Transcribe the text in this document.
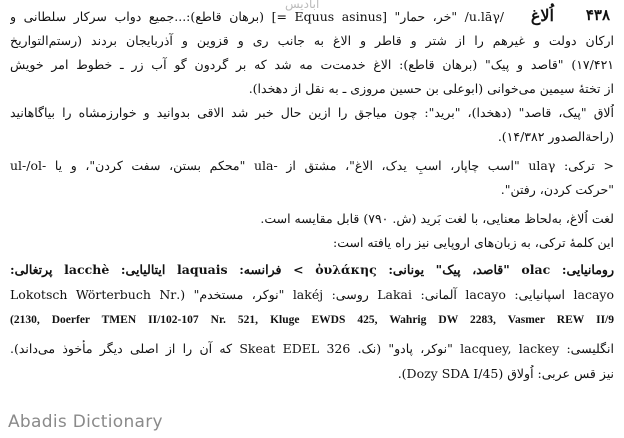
۴۳۸
اُلاغ
ابادیس
/u.lāγ/ "خر، حمار" [Equus asinus =] (برهان قاطع):...جمیع دواب سرکار سلطانی و
ارکان دولت و غیرهم را از شتر و قاطر و الاغ به جانب ری و قزوین و آذربایجان بردند (رستم‌التواریخ
۱۷/۴۲۱) "قاصد و پیک" (برهان قاطع): الاغ خدمت‌ت مه شد که بر گردون گو آب زر ـ خطوط امر خویش
از تختهٔ سیمین می‌خوانی (ابوعلی بن حسین مروزی ـ به نقل از دهخدا).
اُلاق "پیک، قاصد" (دهخدا)، "برید": چون میاجق را ازین حال خبر شد الاقی بدوانید و خوارزمشاه را بیاگاهانید
(راحة‌الصدور ۱۴/۳۸۲).
< ترکی: ulaγ "اسب چاپار، اسبِ یدک، الاغ"، مشتق از -ula "محکم بستن، سفت کردن"، و یا -ul-/ol
"حرکت کردن، رفتن".
لغت اُلاغ، به‌لحاظ معنایی، با لغت بَرید (ش. ۷۹۰) قابل مقایسه است.
این کلمهٔ ترکی، به زبان‌های اروپایی نیز راه یافته است:
رومانیایی: olac "قاصد، پیک" یونانی: ὀυλάκης > فرانسه: laquais ایتالیایی: lacchè پرتغالی:
lacayo اسپانیایی: lacayo آلمانی: Lakai روسی: lakéj "نوکر، مستخدم" (.Lokotsch Wörterbuch Nr
(2130, Doerfer TMEN II/102-107 Nr. 521, Kluge EWDS 425, Wahrig DW 2283, Vasmer REW II/9
انگلیسی: lacquey, lackey "نوکر، پادو" (نک. Skeat EDEL 326 که آن را از اصلی دیگر مأخوذ می‌داند).
نیز قس عربی: اُولاق (Dozy SDA I/45).
Abadis Dictionary
